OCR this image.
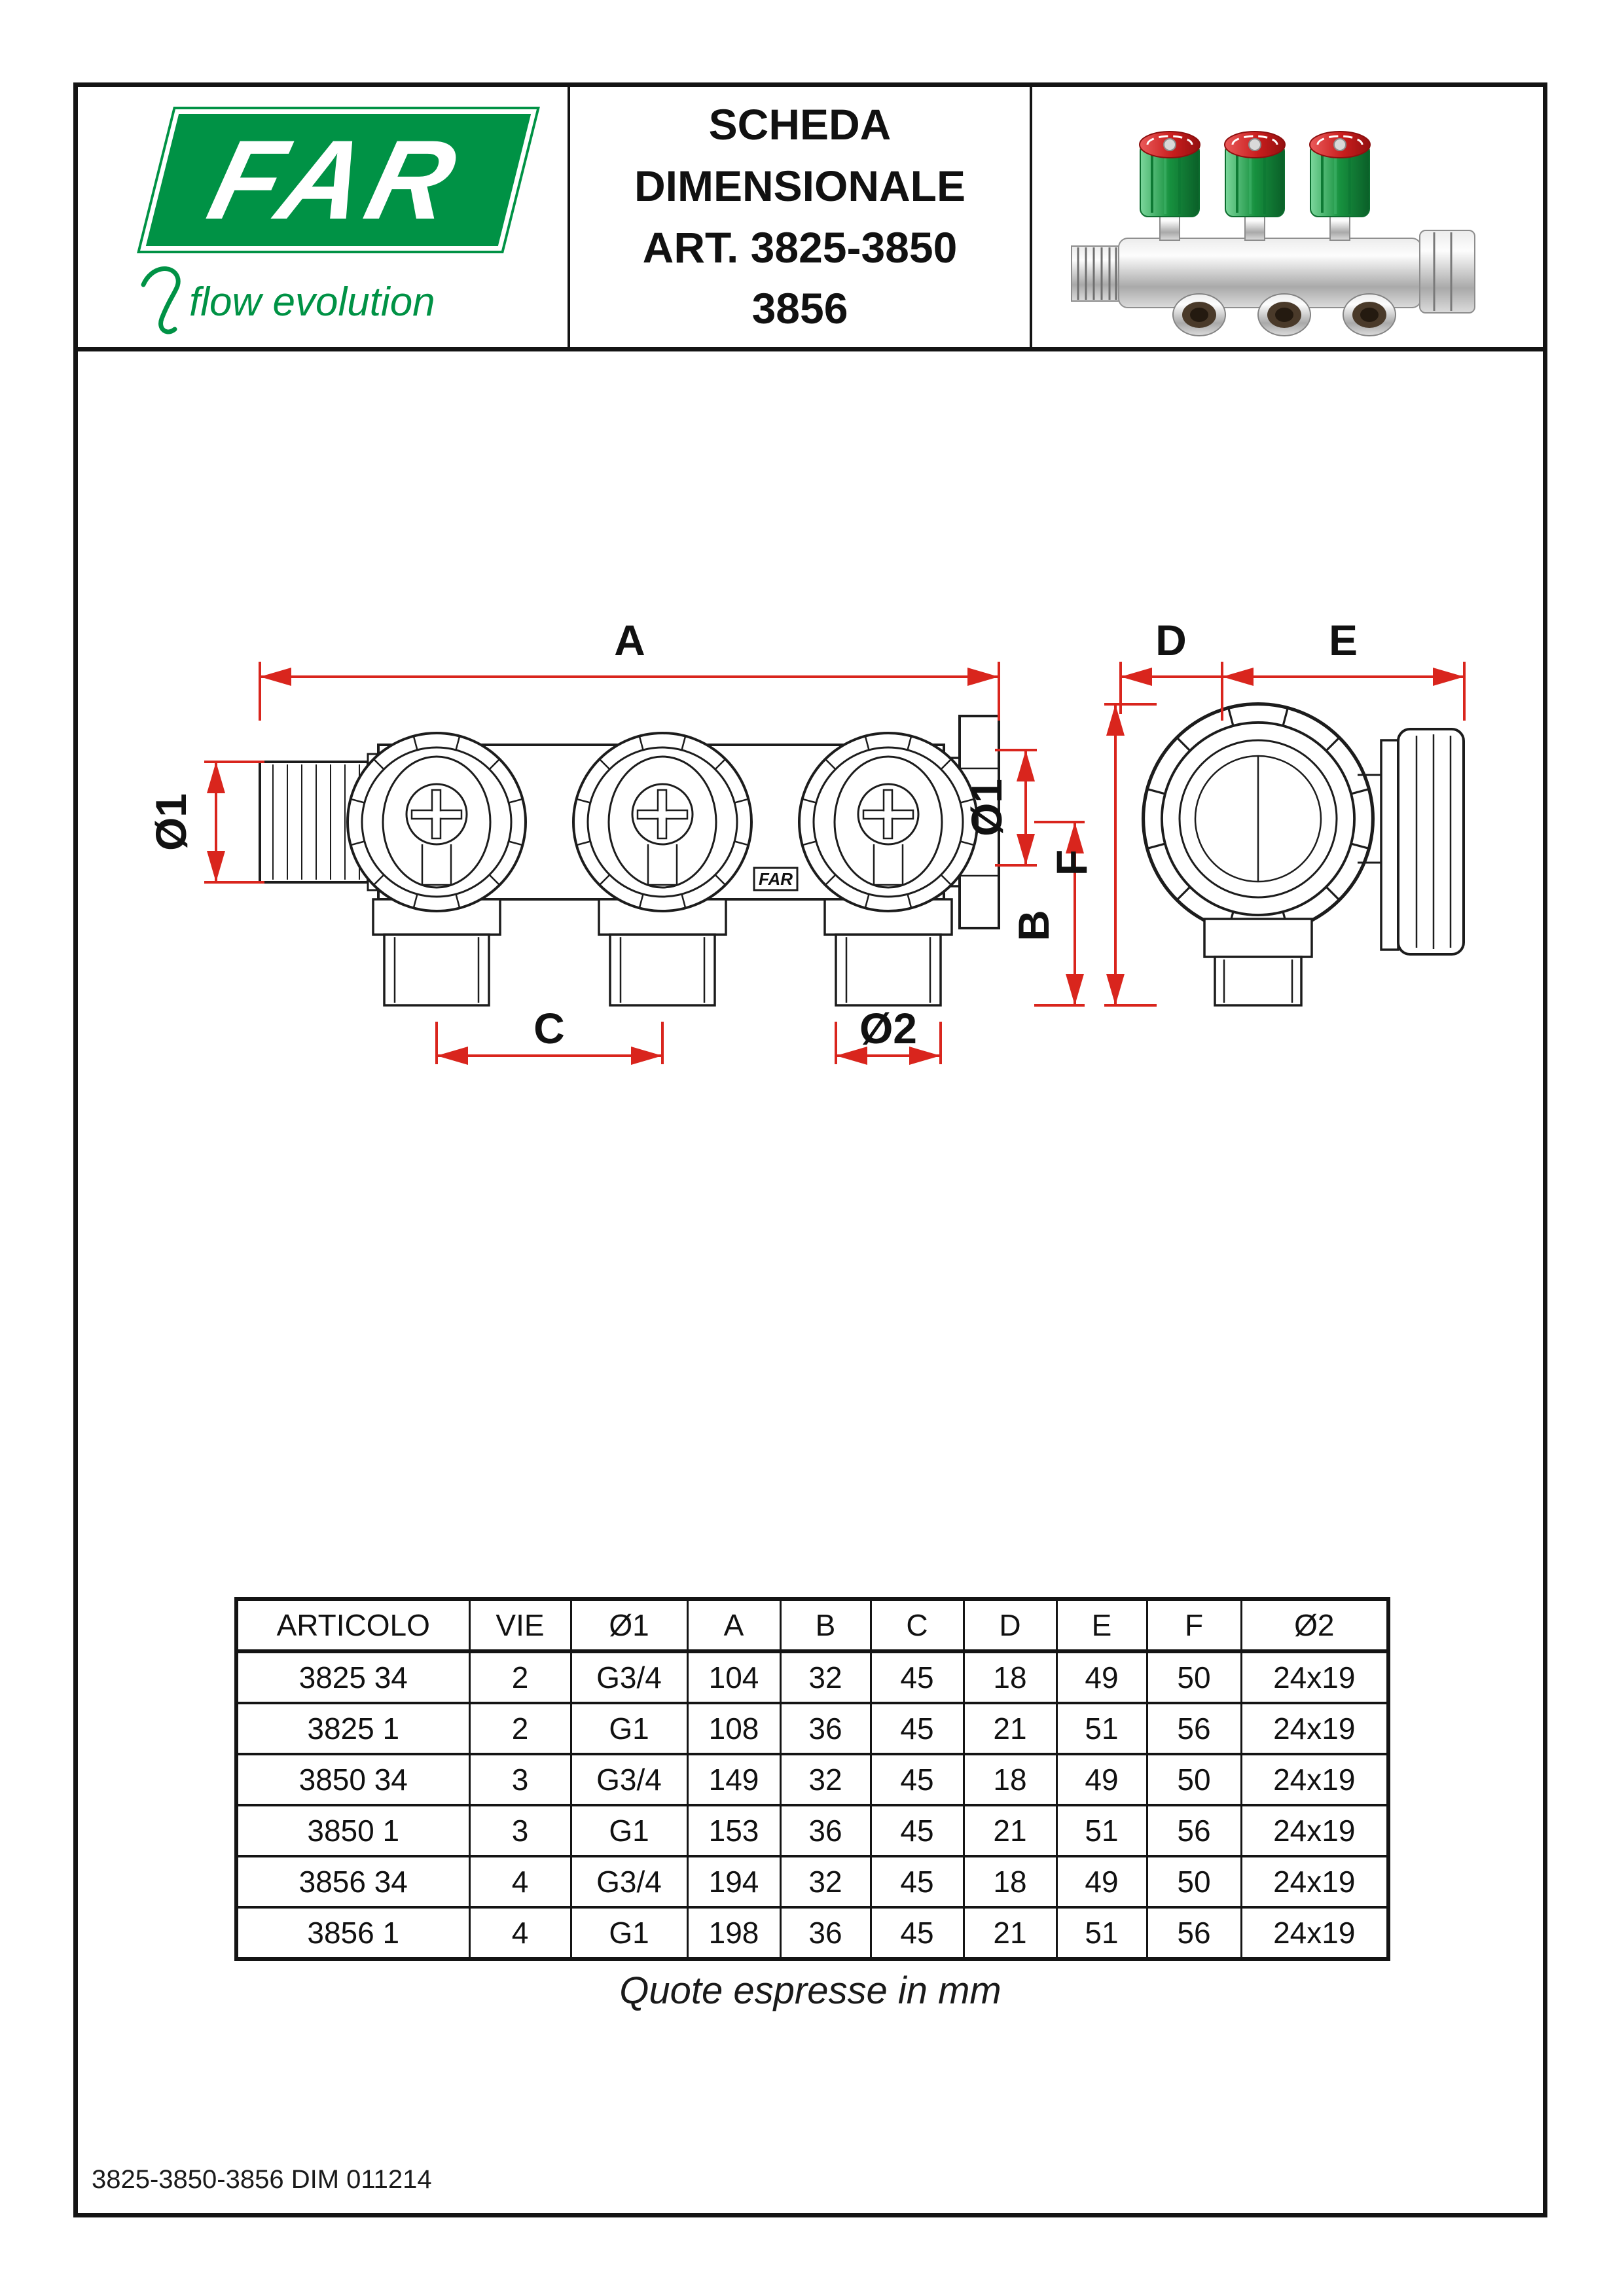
FAR
flow evolution
SCHEDA
DIMENSIONALE
ART. 3825-3850
3856
FAR
A	D	E
Ø1	Ø1
B
F
C	Ø2
ARTICOLO	VIE	Ø1	A	B	C	D	E	F	Ø2
3825 34	2	G3/4	104	32	45	18	49	50	24x19
3825 1	2	G1	108	36	45	21	51	56	24x19
3850 34	3	G3/4	149	32	45	18	49	50	24x19
3850 1	3	G1	153	36	45	21	51	56	24x19
3856 34	4	G3/4	194	32	45	18	49	50	24x19
3856 1	4	G1	198	36	45	21	51	56	24x19
Quote espresse in mm
3825-3850-3856 DIM 011214
